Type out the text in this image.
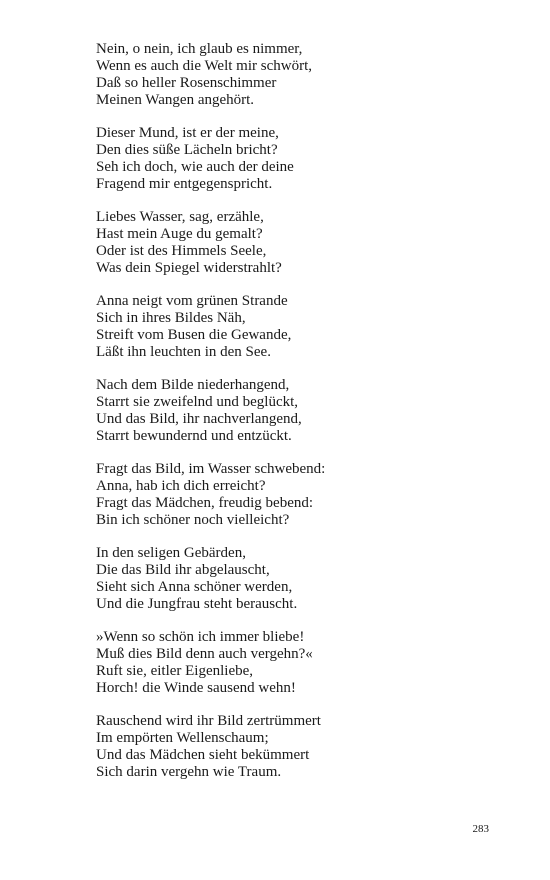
Nein, o nein, ich glaub es nimmer,
Wenn es auch die Welt mir schwört,
Daß so heller Rosenschimmer
Meinen Wangen angehört.
Dieser Mund, ist er der meine,
Den dies süße Lächeln bricht?
Seh ich doch, wie auch der deine
Fragend mir entgegenspricht.
Liebes Wasser, sag, erzähle,
Hast mein Auge du gemalt?
Oder ist des Himmels Seele,
Was dein Spiegel widerstrahlt?
Anna neigt vom grünen Strande
Sich in ihres Bildes Näh,
Streift vom Busen die Gewande,
Läßt ihn leuchten in den See.
Nach dem Bilde niederhangend,
Starrt sie zweifelnd und beglückt,
Und das Bild, ihr nachverlangend,
Starrt bewundernd und entzückt.
Fragt das Bild, im Wasser schwebend:
Anna, hab ich dich erreicht?
Fragt das Mädchen, freudig bebend:
Bin ich schöner noch vielleicht?
In den seligen Gebärden,
Die das Bild ihr abgelauscht,
Sieht sich Anna schöner werden,
Und die Jungfrau steht berauscht.
»Wenn so schön ich immer bliebe!
Muß dies Bild denn auch vergehn?«
Ruft sie, eitler Eigenliebe,
Horch! die Winde sausend wehn!
Rauschend wird ihr Bild zertrümmert
Im empörten Wellenschaum;
Und das Mädchen sieht bekümmert
Sich darin vergehn wie Traum.
283
